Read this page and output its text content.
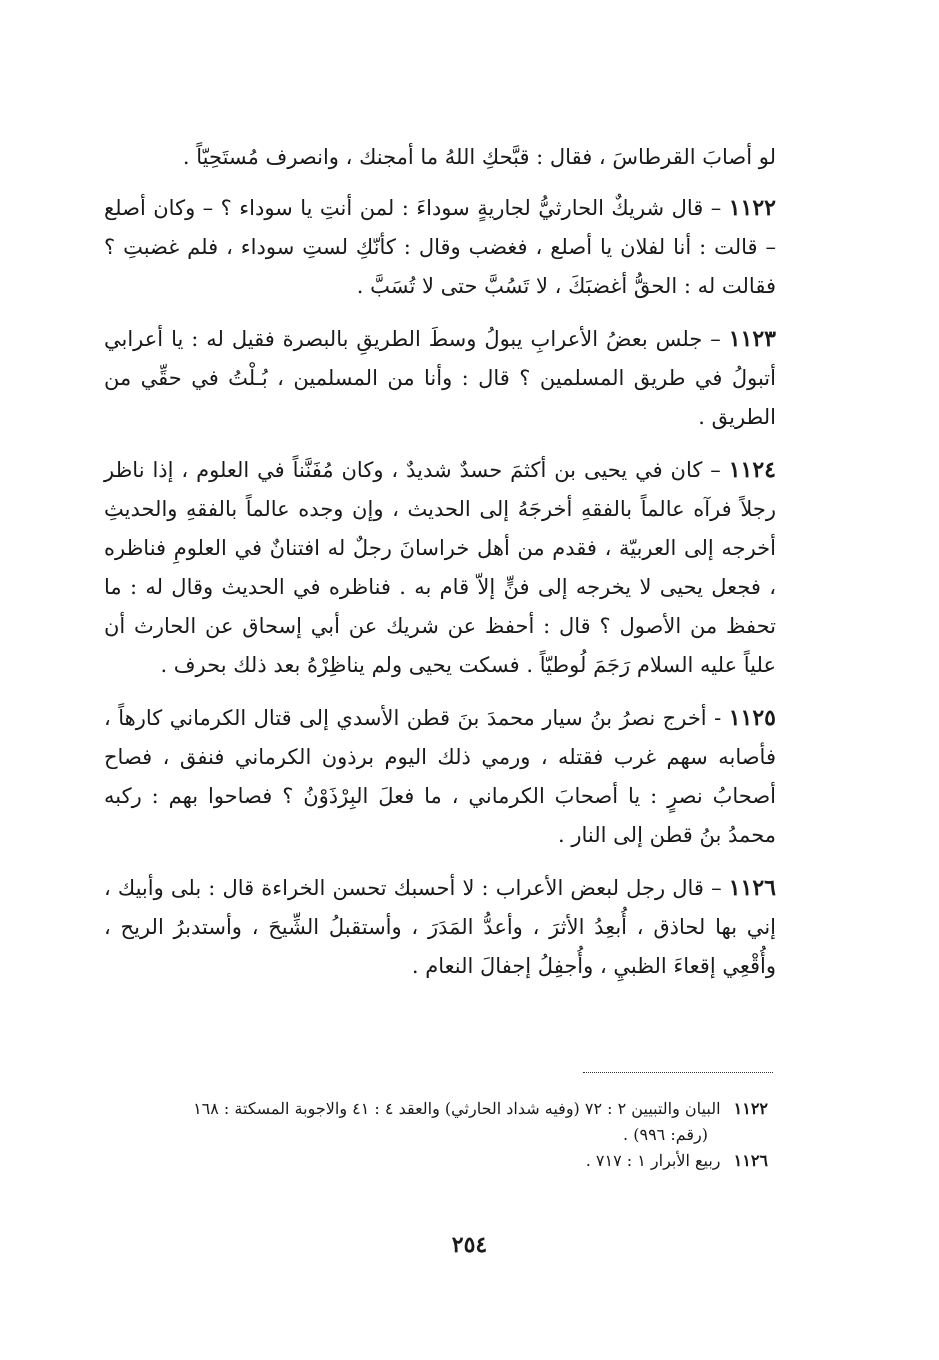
لو أصابَ القرطاسَ ، فقال : قبَّحكِ اللهُ ما أمجنك ، وانصرف مُستَحِيّاً .

١١٢٢ – قال شريكٌ الحارثيُّ لجاريةٍ سوداءَ : لمن أنتِ يا سوداء ؟ – وكان أصلع – قالت : أنا لفلان يا أصلع ، فغضب وقال : كأنّكِ لستِ سوداء ، فلم غضبتِ ؟ فقالت له : الحقُّ أغضبَكَ ، لا تَسُبَّ حتى لا تُسَبَّ .

١١٢٣ – جلس بعضُ الأعرابِ يبولُ وسطَ الطريقِ بالبصرة فقيل له : يا أعرابي أتبولُ في طريق المسلمين ؟ قال : وأنا من المسلمين ، بُـلْتُ في حقِّي من الطريق .

١١٢٤ – كان في يحيى بن أكثمَ حسدٌ شديدٌ ، وكان مُفَنَّناً في العلوم ، إذا ناظر رجلاً فرآه عالماً بالفقهِ أخرجَهُ إلى الحديث ، وإن وجده عالماً بالفقهِ والحديثِ أخرجه إلى العربيّة ، فقدم من أهل خراسانَ رجلٌ له افتنانٌ في العلومِ فناظره ، فجعل يحيى لا يخرجه إلى فنٍّ إلاّ قام به . فناظره في الحديث وقال له : ما تحفظ من الأصول ؟ قال : أحفظ عن شريك عن أبي إسحاق عن الحارث أن علياً عليه السلام رَجَمَ لُوطيّاً . فسكت يحيى ولم يناظِرْهُ بعد ذلك بحرف .

١١٢٥ - أخرج نصرُ بنُ سيار محمدَ بنَ قطن الأسدي إلى قتال الكرماني كارهاً ، فأصابه سهم غرب فقتله ، ورمي ذلك اليوم برذون الكرماني فنفق ، فصاح أصحابُ نصرٍ : يا أصحابَ الكرماني ، ما فعلَ البِرْذَوْنُ ؟ فصاحوا بهم : ركبه محمدُ بنُ قطن إلى النار .

١١٢٦ – قال رجل لبعض الأعراب : لا أحسبك تحسن الخراءة قال : بلى وأبيك ، إني بها لحاذق ، أُبعِدُ الأثرَ ، وأعدُّ المَدَرَ ، وأستقبلُ الشِّيحَ ، وأستدبرُ الريح ، وأُقْعِي إقعاءَ الظبيِ ، وأُجفِلُ إجفالَ النعام .

١١٢٢ البيان والتبيين ٢ : ٧٢ (وفيه شداد الحارثي) والعقد ٤ : ٤١ والاجوبة المسكتة : ١٦٨
(رقم: ٩٩٦) .

١١٢٦ ربيع الأبرار ١ : ٧١٧ .

٢٥٤
